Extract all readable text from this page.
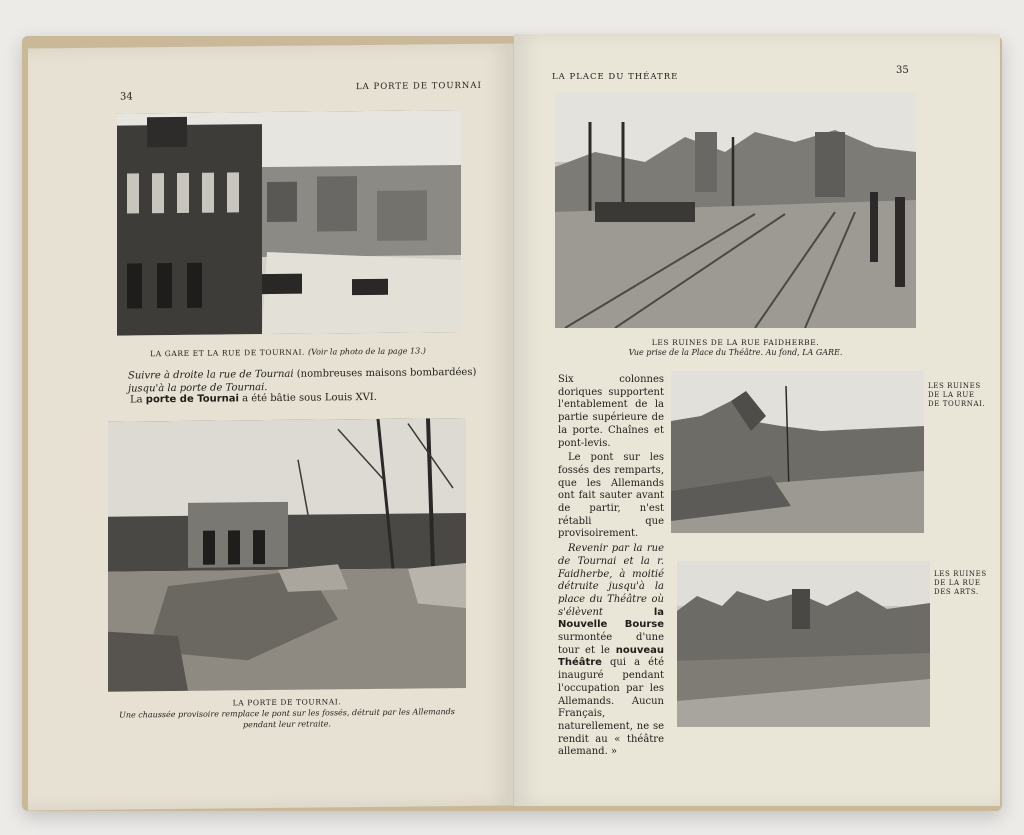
34
LA PORTE DE TOURNAI
LA GARE ET LA RUE DE TOURNAI. (Voir la photo de la page 13.)
Suivre à droite la rue de Tournai (nombreuses maisons bombardées)
jusqu'à la porte de Tournai.
La porte de Tournai a été bâtie sous Louis XVI.
LA PORTE DE TOURNAI.
Une chaussée provisoire remplace le pont sur les fossés, détruit par les Allemands pendant leur retraite.
LA PLACE DU THÉATRE
35
LES RUINES DE LA RUE FAIDHERBE.
Vue prise de la Place du Théâtre. Au fond, LA GARE.

Six colonnes doriques supportent l'entablement de la partie supérieure de la porte. Chaînes et pont-levis.

Le pont sur les fossés des remparts, que les Allemands ont fait sauter avant de partir, n'est rétabli que provisoirement.

Revenir par la rue de Tournai et la r. Faidherbe, à moitié détruite jusqu'à la place du Théâtre où s'élèvent	la Nouvelle Bourse surmontée d'une tour et le nouveau Théâtre qui a été inauguré pendant l'occupation par les Allemands. Aucun Français, naturellement, ne se rendit au « théâtre allemand. »

LES RUINES DE LA RUE DE TOURNAI.
LES RUINES DE LA RUE DES ARTS.
